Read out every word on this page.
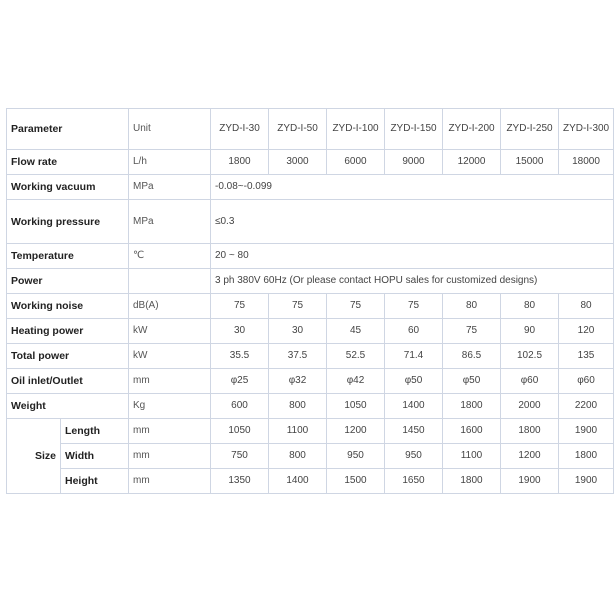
Parameter		Unit	ZYD-I-30	ZYD-I-50	ZYD-I-100	ZYD-I-150	ZYD-I-200	ZYD-I-250	ZYD-I-300
Flow rate		L/h	1800	3000	6000	9000	12000	15000	18000
Working vacuum		MPa	-0.08~-0.099						
Working pressure		MPa	≤0.3						
Temperature		℃	20 ~ 80						
Power			3 ph 380V 60Hz (Or please contact HOPU sales for customized designs)						
Working noise		dB(A)	75	75	75	75	80	80	80
Heating power		kW	30	30	45	60	75	90	120
Total power		kW	35.5	37.5	52.5	71.4	86.5	102.5	135
Oil inlet/Outlet		mm	φ25	φ32	φ42	φ50	φ50	φ60	φ60
Weight		Kg	600	800	1050	1400	1800	2000	2200
Size	Length	mm	1050	1100	1200	1450	1600	1800	1900
	Width	mm	750	800	950	950	1100	1200	1800
	Height	mm	1350	1400	1500	1650	1800	1900	1900
